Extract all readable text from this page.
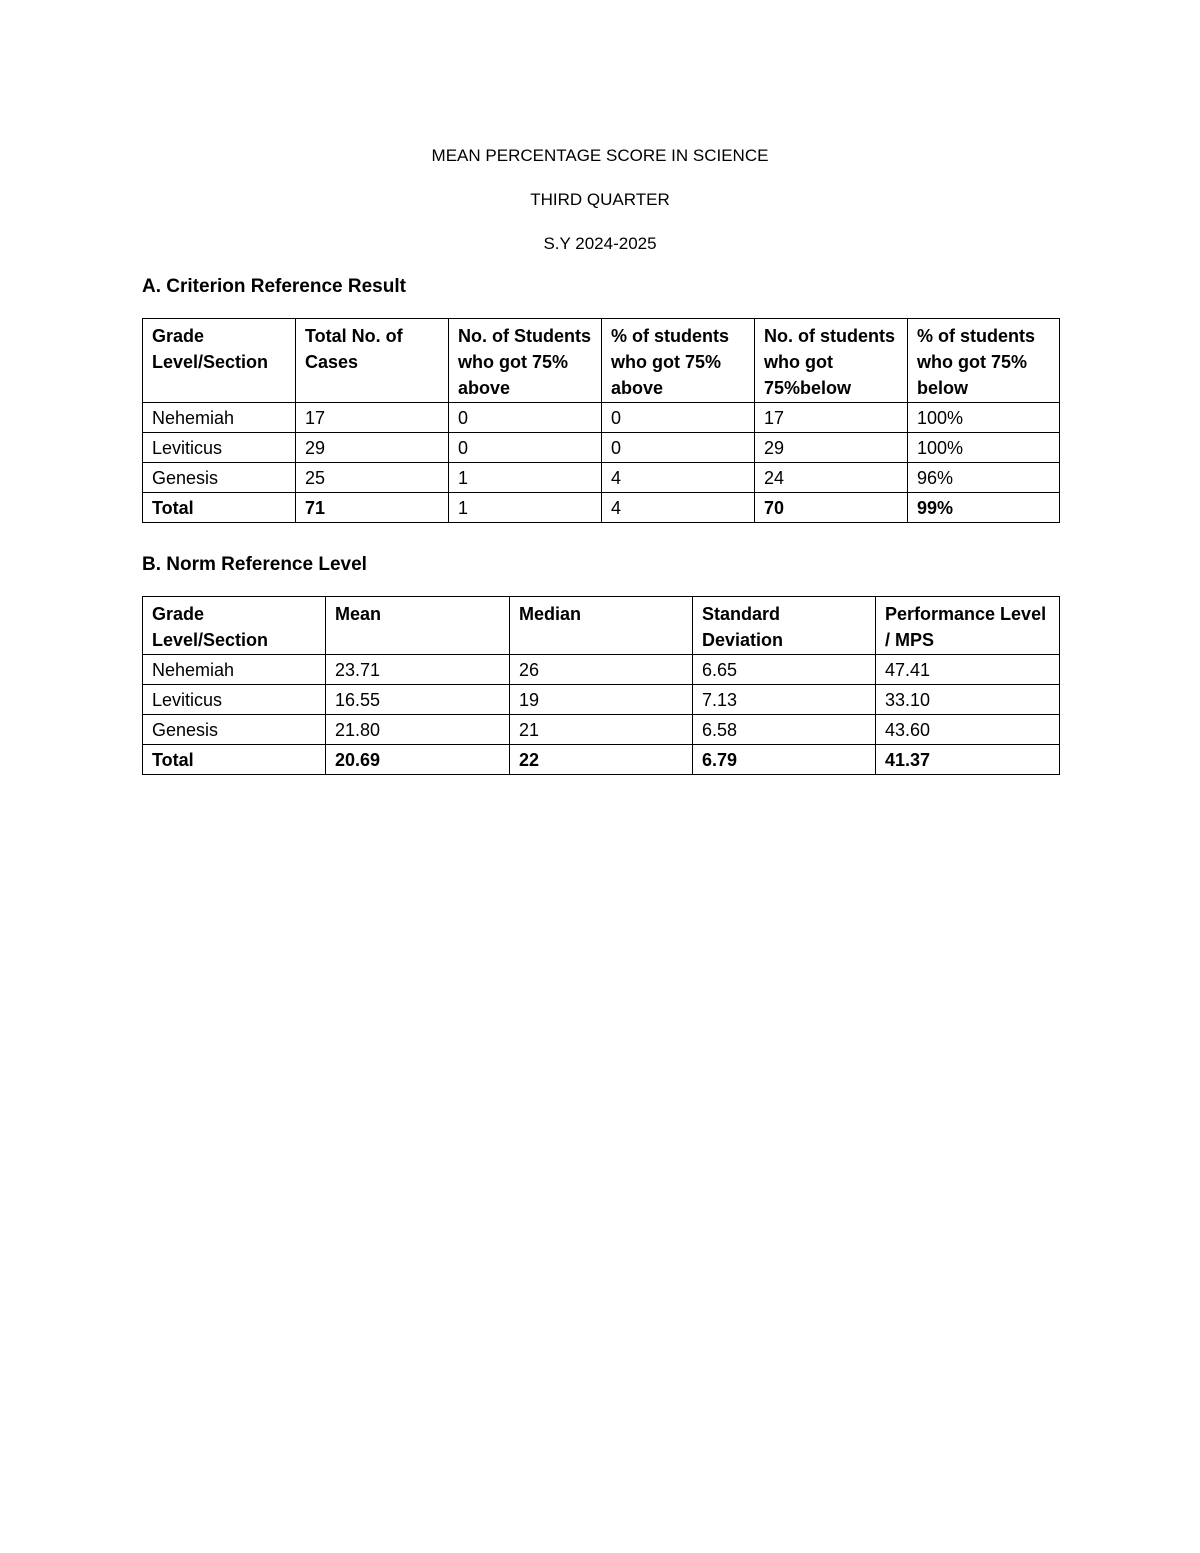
MEAN PERCENTAGE SCORE IN SCIENCE
THIRD QUARTER
S.Y 2024-2025
A. Criterion Reference Result
Grade Level/Section	Total No. of Cases	No. of Students who got 75% above	% of students who got 75% above	No. of students who got 75%below	% of students who got 75% below
Nehemiah	17	0	0	17	100%
Leviticus	29	0	0	29	100%
Genesis	25	1	4	24	96%
Total	71	1	4	70	99%
B. Norm Reference Level
Grade Level/Section	Mean	Median	Standard Deviation	Performance Level / MPS
Nehemiah	23.71	26	6.65	47.41
Leviticus	16.55	19	7.13	33.10
Genesis	21.80	21	6.58	43.60
Total	20.69	22	6.79	41.37
